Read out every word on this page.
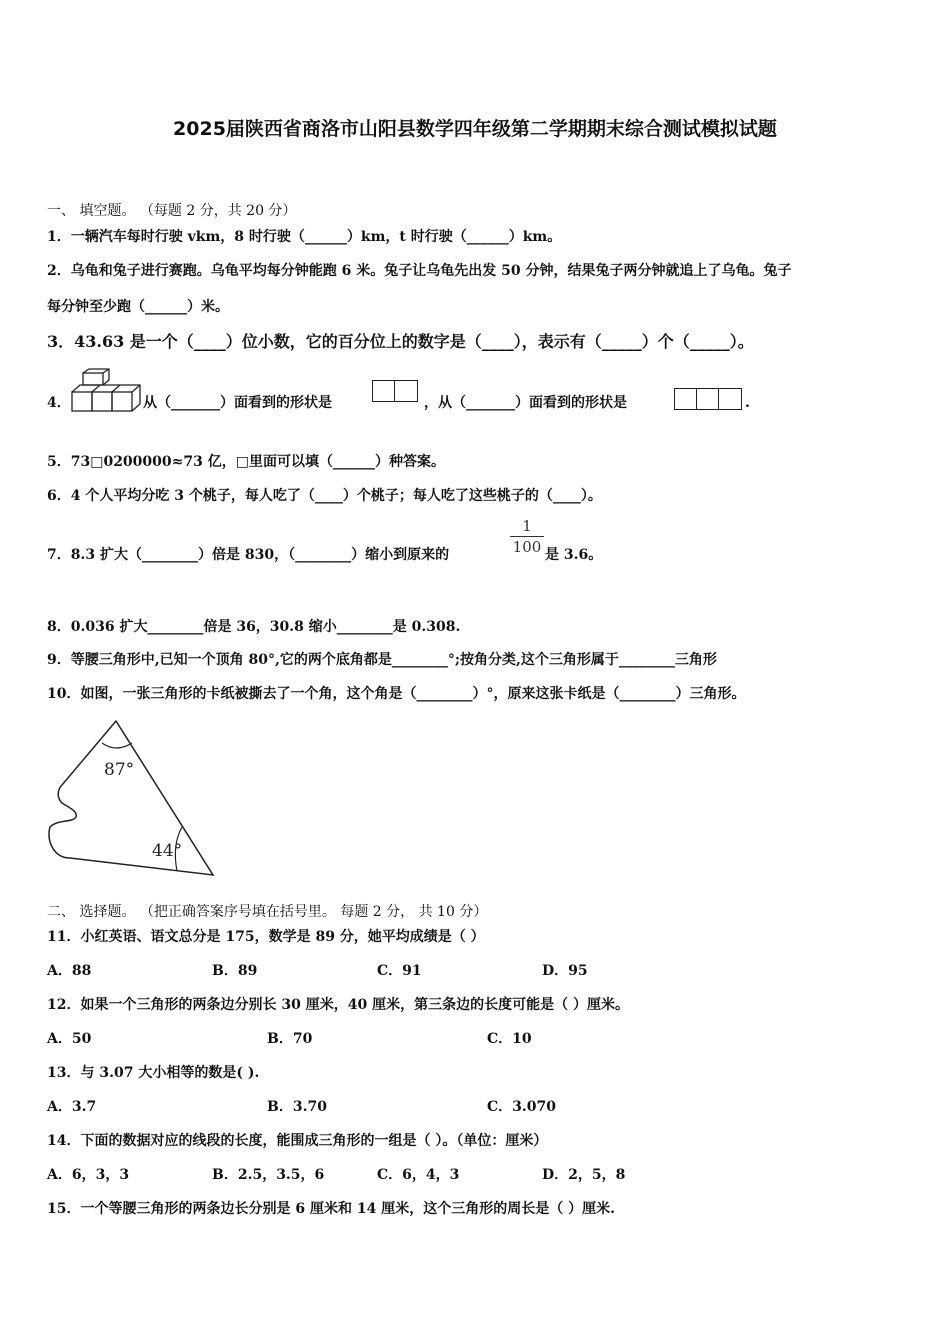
2025届陕西省商洛市山阳县数学四年级第二学期期末综合测试模拟试题
一、 填空题。 （每题 2 分，共 20 分）
1．一辆汽车每时行驶 vkm，8 时行驶（______）km，t 时行驶（______）km。
2．乌龟和兔子进行赛跑。乌龟平均每分钟能跑 6 米。兔子让乌龟先出发 50 分钟，结果兔子两分钟就追上了乌龟。兔子
每分钟至少跑（______）米。
3．43.63 是一个（____）位小数，它的百分位上的数字是（____），表示有（_____）个（_____）。
4．	从（_______）面看到的形状是	，从（_______）面看到的形状是	.
5．73□0200000≈73 亿，□里面可以填（______）种答案。
6．4 个人平均分吃 3 个桃子，每人吃了（____）个桃子；每人吃了这些桃子的（____）。
7．8.3 扩大（________）倍是 830，（________）缩小到原来的	$\frac{1}{100}$ 是 3.6。
8．0.036 扩大________倍是 36，30.8 缩小________是 0.308.
9．等腰三角形中,已知一个顶角 80°,它的两个底角都是________°;按角分类,这个三角形属于________三角形
10．如图，一张三角形的卡纸被撕去了一个角，这个角是（________）°，原来这张卡纸是（________）三角形。
87°
44°
二、 选择题。 （把正确答案序号填在括号里。 每题 2 分， 共 10 分）
11．小红英语、语文总分是 175，数学是 89 分，她平均成绩是（ ）
A．88	B．89	C．91	D．95
12．如果一个三角形的两条边分别长 30 厘米，40 厘米，第三条边的长度可能是（ ）厘米。
A．50	B．70	C．10
13．与 3.07 大小相等的数是( ).
A．3.7	B．3.70	C．3.070
14．下面的数据对应的线段的长度，能围成三角形的一组是（ ）。（单位：厘米）
A．6，3，3	B．2.5，3.5，6	C．6，4，3	D．2，5，8
15．一个等腰三角形的两条边长分别是 6 厘米和 14 厘米，这个三角形的周长是（ ）厘米.
